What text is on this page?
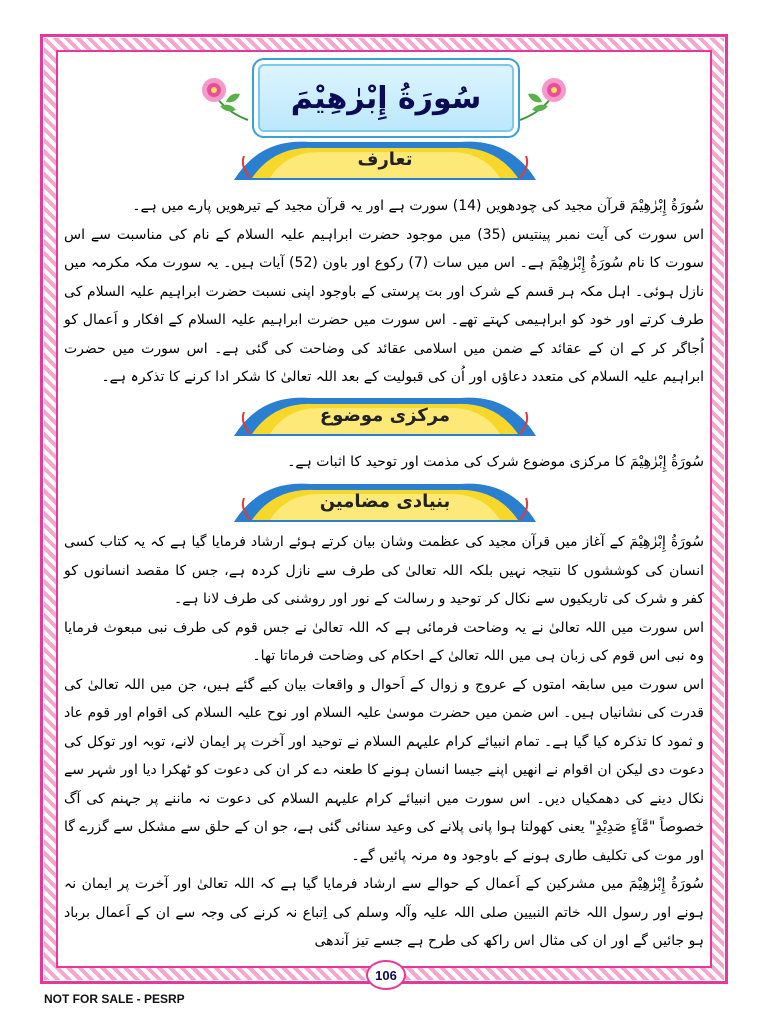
سُورَةُ إِبْرٰهِيْمَ
تعارف

سُورَةُ إِبْرٰهِيْمَ قرآن مجید کی چودھویں (14) سورت ہے اور یہ قرآن مجید کے تیرھویں پارے میں ہے۔

اس سورت کی آیت نمبر پینتیس (35) میں موجود حضرت ابراہیم علیہ السلام کے نام کی مناسبت سے اس سورت کا نام سُورَةُ إِبْرٰهِيْمَ ہے۔ اس میں سات (7) رکوع اور باون (52) آیات ہیں۔ یہ سورت مکہ مکرمہ میں نازل ہوئی۔ اہل مکہ ہر قسم کے شرک اور بت پرستی کے باوجود اپنی نسبت حضرت ابراہیم علیہ السلام کی طرف کرتے اور خود کو ابراہیمی کہتے تھے۔ اس سورت میں حضرت ابراہیم علیہ السلام کے افکار و اَعمال کو اُجاگر کر کے ان کے عقائد کے ضمن میں اسلامی عقائد کی وضاحت کی گئی ہے۔ اس سورت میں حضرت ابراہیم علیہ السلام کی متعدد دعاؤں اور اُن کی قبولیت کے بعد اللہ تعالیٰ کا شکر ادا کرنے کا تذکرہ ہے۔

مرکزی موضوع

سُورَةُ إِبْرٰهِيْمَ کا مرکزی موضوع شرک کی مذمت اور توحید کا اثبات ہے۔

بنیادی مضامین

سُورَةُ إِبْرٰهِيْمَ کے آغاز میں قرآن مجید کی عظمت وشان بیان کرتے ہوئے ارشاد فرمایا گیا ہے کہ یہ کتاب کسی انسان کی کوششوں کا نتیجہ نہیں بلکہ اللہ تعالیٰ کی طرف سے نازل کردہ ہے، جس کا مقصد انسانوں کو کفر و شرک کی تاریکیوں سے نکال کر توحید و رسالت کے نور اور روشنی کی طرف لانا ہے۔

اس سورت میں اللہ تعالیٰ نے یہ وضاحت فرمائی ہے کہ اللہ تعالیٰ نے جس قوم کی طرف نبی مبعوث فرمایا وہ نبی اس قوم کی زبان ہی میں اللہ تعالیٰ کے احکام کی وضاحت فرماتا تھا۔

اس سورت میں سابقہ امتوں کے عروج و زوال کے اَحوال و واقعات بیان کیے گئے ہیں، جن میں اللہ تعالیٰ کی قدرت کی نشانیاں ہیں۔ اس ضمن میں حضرت موسیٰ علیہ السلام اور نوح علیہ السلام کی اقوام اور قوم عاد و ثمود کا تذکرہ کیا گیا ہے۔ تمام انبیائے کرام علیہم السلام نے توحید اور آخرت پر ایمان لانے، توبہ اور توکل کی دعوت دی لیکن ان اقوام نے انھیں اپنے جیسا انسان ہونے کا طعنہ دے کر ان کی دعوت کو ٹھکرا دیا اور شہر سے نکال دینے کی دھمکیاں دیں۔ اس سورت میں انبیائے کرام علیہم السلام کی دعوت نہ ماننے پر جہنم کی آگ خصوصاً "مَّآءٍ صَدِيْدٍ" یعنی کھولتا ہوا پانی پلانے کی وعید سنائی گئی ہے، جو ان کے حلق سے مشکل سے گزرے گا اور موت کی تکلیف طاری ہونے کے باوجود وہ مرنہ پائیں گے۔

سُورَةُ إِبْرٰهِيْمَ میں مشرکین کے اَعمال کے حوالے سے ارشاد فرمایا گیا ہے کہ اللہ تعالیٰ اور آخرت پر ایمان نہ ہونے اور رسول اللہ خاتم النبیین صلی اللہ علیہ وآلہ وسلم کی اِتباع نہ کرنے کی وجہ سے ان کے اَعمال برباد ہو جائیں گے اور ان کی مثال اس راکھ کی طرح ہے جسے تیز آندھی

106
NOT FOR SALE - PESRP
